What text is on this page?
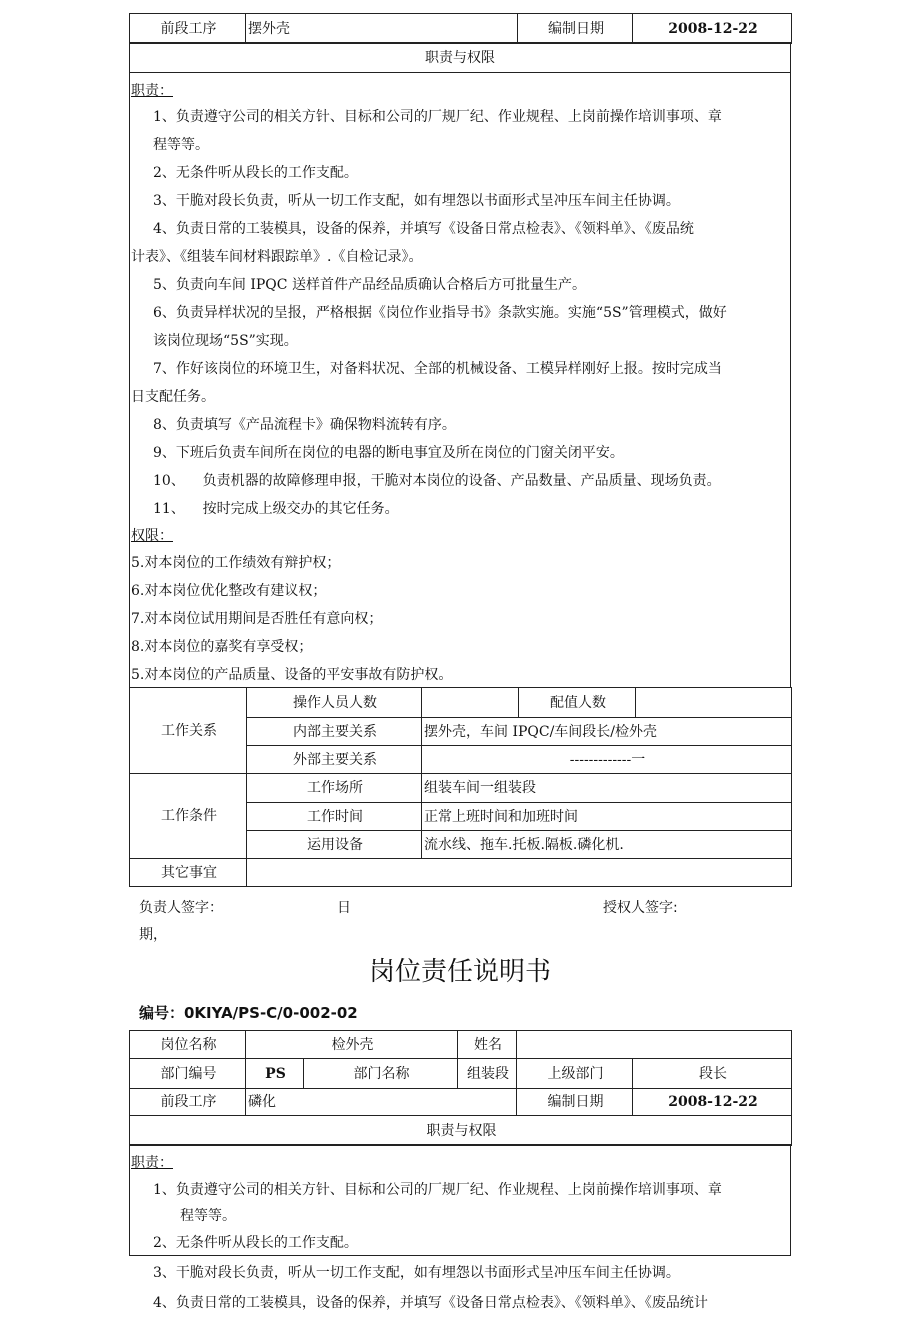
前段工序	摆外壳	编制日期	2008-12-22
职责与权限
职责：
1、负责遵守公司的相关方针、目标和公司的厂规厂纪、作业规程、上岗前操作培训事项、章
程等等。
2、无条件听从段长的工作支配。
3、干脆对段长负责，听从一切工作支配，如有埋怨以书面形式呈冲压车间主任协调。
4、负责日常的工装模具，设备的保养，并填写《设备日常点检表》、《领料单》、《废品统
计表》、《组装车间材料跟踪单》.《自检记录》。
5、负责向车间 IPQC 送样首件产品经品质确认合格后方可批量生产。
6、负责异样状况的呈报，严格根据《岗位作业指导书》条款实施。实施“5S”管理模式，做好
该岗位现场“5S”实现。
7、作好该岗位的环境卫生，对备料状况、全部的机械设备、工模异样刚好上报。按时完成当
日支配任务。
8、负责填写《产品流程卡》确保物料流转有序。
9、下班后负责车间所在岗位的电器的断电事宜及所在岗位的门窗关闭平安。
10、    负责机器的故障修理申报，干脆对本岗位的设备、产品数量、产品质量、现场负责。
11、    按时完成上级交办的其它任务。
权限：
5.对本岗位的工作绩效有辩护权；
6.对本岗位优化整改有建议权；
7.对本岗位试用期间是否胜任有意向权；
8.对本岗位的嘉奖有享受权；
5.对本岗位的产品质量、设备的平安事故有防护权。
工作关系	操作人员人数		配值人数	
	内部主要关系	摆外壳，车间 IPQC/车间段长/检外壳		
	外部主要关系	-------------一		
工作条件	工作场所	组装车间一组装段		
	工作时间	正常上班时间和加班时间		
	运用设备	流水线、拖车.托板.隔板.磷化机.		
其它事宜				
负责人签字：	日
期，
授权人签字:
岗位责任说明书
编号：0KIYA/PS-C/0-002-02
岗位名称	检外壳		姓名		
部门编号	PS	部门名称	组装段	上级部门	段长
前段工序	磷化			编制日期	2008-12-22
职责与权限					
职责：
1、负责遵守公司的相关方针、目标和公司的厂规厂纪、作业规程、上岗前操作培训事项、章
程等等。
2、无条件听从段长的工作支配。
3、干脆对段长负责，听从一切工作支配，如有埋怨以书面形式呈冲压车间主任协调。
4、负责日常的工装模具，设备的保养，并填写《设备日常点检表》、《领料单》、《废品统计
